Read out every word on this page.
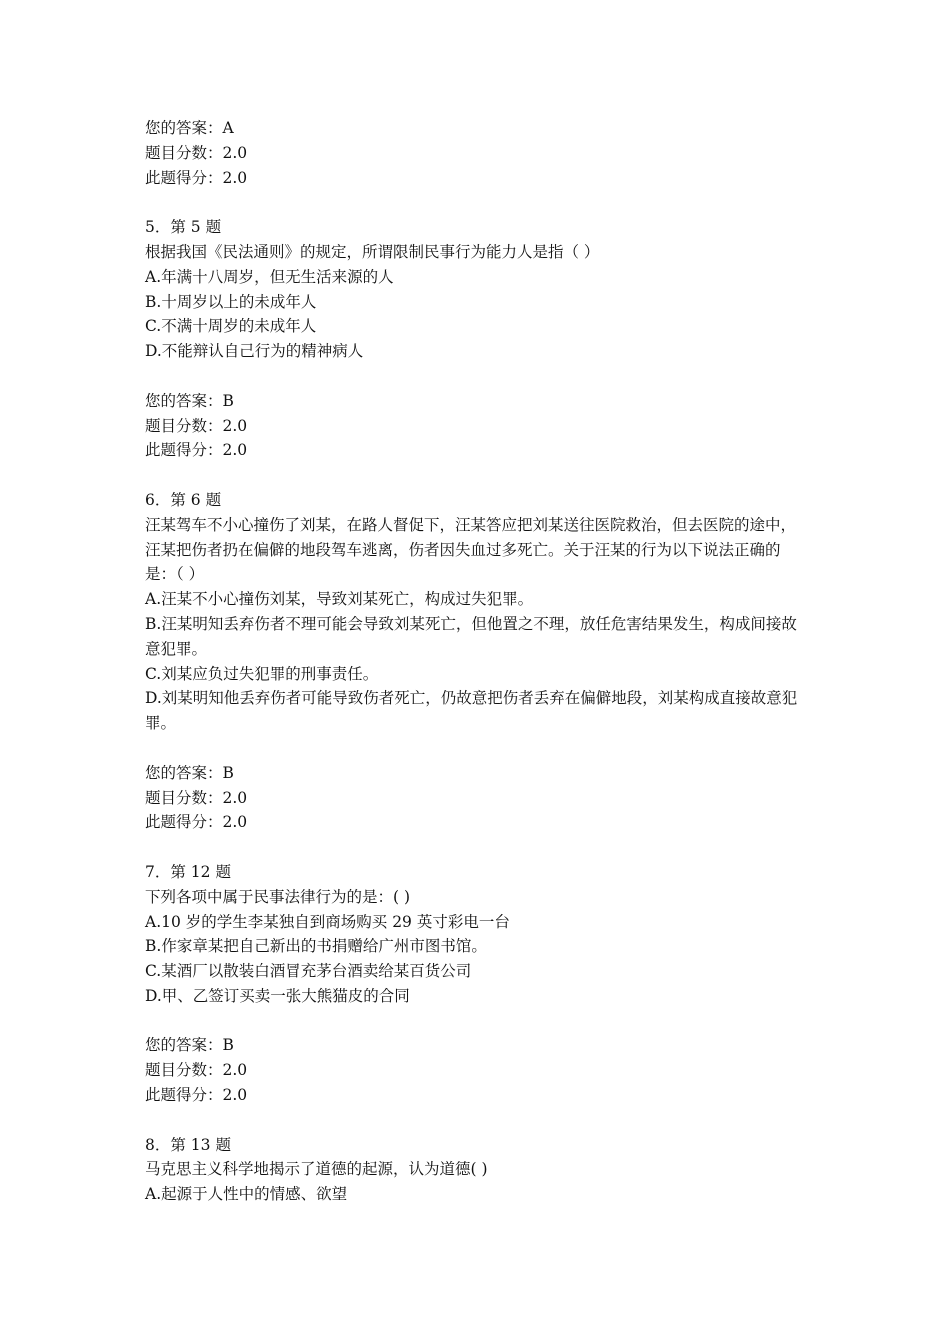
您的答案：A

题目分数：2.0

此题得分：2.0

5．第 5 题

根据我国《民法通则》的规定，所谓限制民事行为能力人是指（ ）

A.年满十八周岁，但无生活来源的人

B.十周岁以上的未成年人

C.不满十周岁的未成年人

D.不能辩认自己行为的精神病人

您的答案：B

题目分数：2.0

此题得分：2.0

6．第 6 题

汪某驾车不小心撞伤了刘某，在路人督促下，汪某答应把刘某送往医院救治，但去医院的途中，汪某把伤者扔在偏僻的地段驾车逃离，伤者因失血过多死亡。关于汪某的行为以下说法正确的是：（ ）

A.汪某不小心撞伤刘某，导致刘某死亡，构成过失犯罪。

B.汪某明知丢弃伤者不理可能会导致刘某死亡，但他置之不理，放任危害结果发生，构成间接故意犯罪。

C.刘某应负过失犯罪的刑事责任。

D.刘某明知他丢弃伤者可能导致伤者死亡，仍故意把伤者丢弃在偏僻地段，刘某构成直接故意犯罪。

您的答案：B

题目分数：2.0

此题得分：2.0

7．第 12 题

下列各项中属于民事法律行为的是：( )

A.10 岁的学生李某独自到商场购买 29 英寸彩电一台

B.作家章某把自己新出的书捐赠给广州市图书馆。

C.某酒厂以散装白酒冒充茅台酒卖给某百货公司

D.甲、乙签订买卖一张大熊猫皮的合同

您的答案：B

题目分数：2.0

此题得分：2.0

8．第 13 题

马克思主义科学地揭示了道德的起源，认为道德( )

A.起源于人性中的情感、欲望
